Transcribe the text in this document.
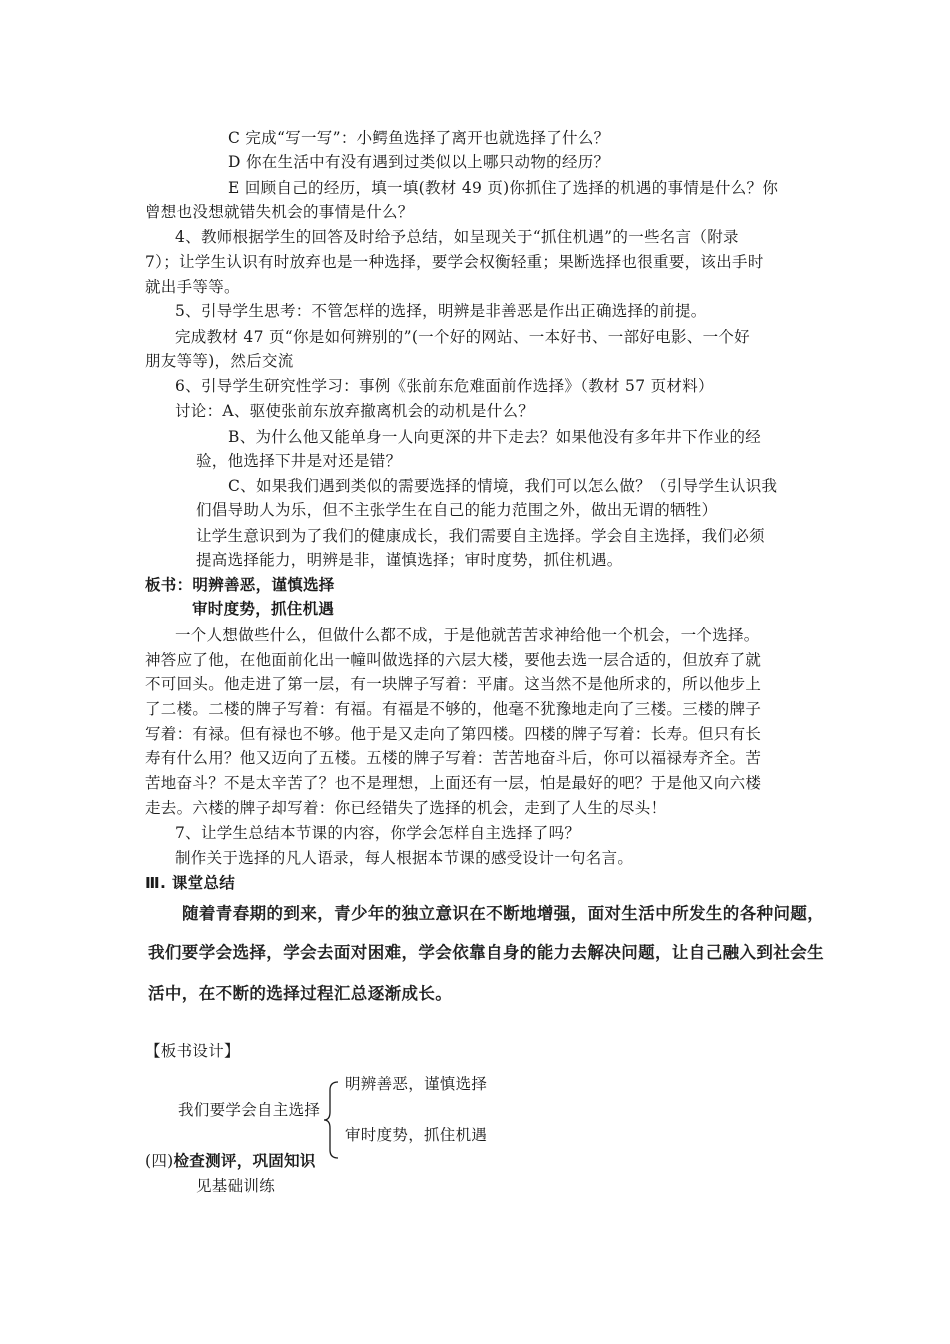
C 完成“写一写”：小鳄鱼选择了离开也就选择了什么？
D 你在生活中有没有遇到过类似以上哪只动物的经历？
E 回顾自己的经历，填一填(教材 49 页)你抓住了选择的机遇的事情是什么？你
曾想也没想就错失机会的事情是什么？
4、教师根据学生的回答及时给予总结，如呈现关于“抓住机遇”的一些名言（附录
7）；让学生认识有时放弃也是一种选择，要学会权衡轻重；果断选择也很重要，该出手时
就出手等等。
5、引导学生思考：不管怎样的选择，明辨是非善恶是作出正确选择的前提。
完成教材 47 页“你是如何辨别的”(一个好的网站、一本好书、一部好电影、一个好
朋友等等)，然后交流
6、引导学生研究性学习：事例《张前东危难面前作选择》（教材 57 页材料）
讨论：A、驱使张前东放弃撤离机会的动机是什么？
B、为什么他又能单身一人向更深的井下走去？如果他没有多年井下作业的经
验，他选择下井是对还是错？
C、如果我们遇到类似的需要选择的情境，我们可以怎么做？（引导学生认识我
们倡导助人为乐，但不主张学生在自己的能力范围之外，做出无谓的牺牲）
让学生意识到为了我们的健康成长，我们需要自主选择。学会自主选择，我们必须
提高选择能力，明辨是非，谨慎选择；审时度势，抓住机遇。
板书：明辨善恶，谨慎选择
审时度势，抓住机遇
一个人想做些什么，但做什么都不成，于是他就苦苦求神给他一个机会，一个选择。
神答应了他，在他面前化出一幢叫做选择的六层大楼，要他去选一层合适的，但放弃了就
不可回头。他走进了第一层，有一块牌子写着：平庸。这当然不是他所求的，所以他步上
了二楼。二楼的牌子写着：有福。有福是不够的，他毫不犹豫地走向了三楼。三楼的牌子
写着：有禄。但有禄也不够。他于是又走向了第四楼。四楼的牌子写着：长寿。但只有长
寿有什么用？他又迈向了五楼。五楼的牌子写着：苦苦地奋斗后，你可以福禄寿齐全。苦
苦地奋斗？不是太辛苦了？也不是理想，上面还有一层，怕是最好的吧？于是他又向六楼
走去。六楼的牌子却写着：你已经错失了选择的机会，走到了人生的尽头！
7、让学生总结本节课的内容，你学会怎样自主选择了吗？
制作关于选择的凡人语录，每人根据本节课的感受设计一句名言。
Ⅲ. 课堂总结
随着青春期的到来，青少年的独立意识在不断地增强，面对生活中所发生的各种问题，
我们要学会选择，学会去面对困难，学会依靠自身的能力去解决问题，让自己融入到社会生
活中，在不断的选择过程汇总逐渐成长。
【板书设计】
明辨善恶，谨慎选择
我们要学会自主选择
审时度势，抓住机遇
(四)检查测评，巩固知识
见基础训练
